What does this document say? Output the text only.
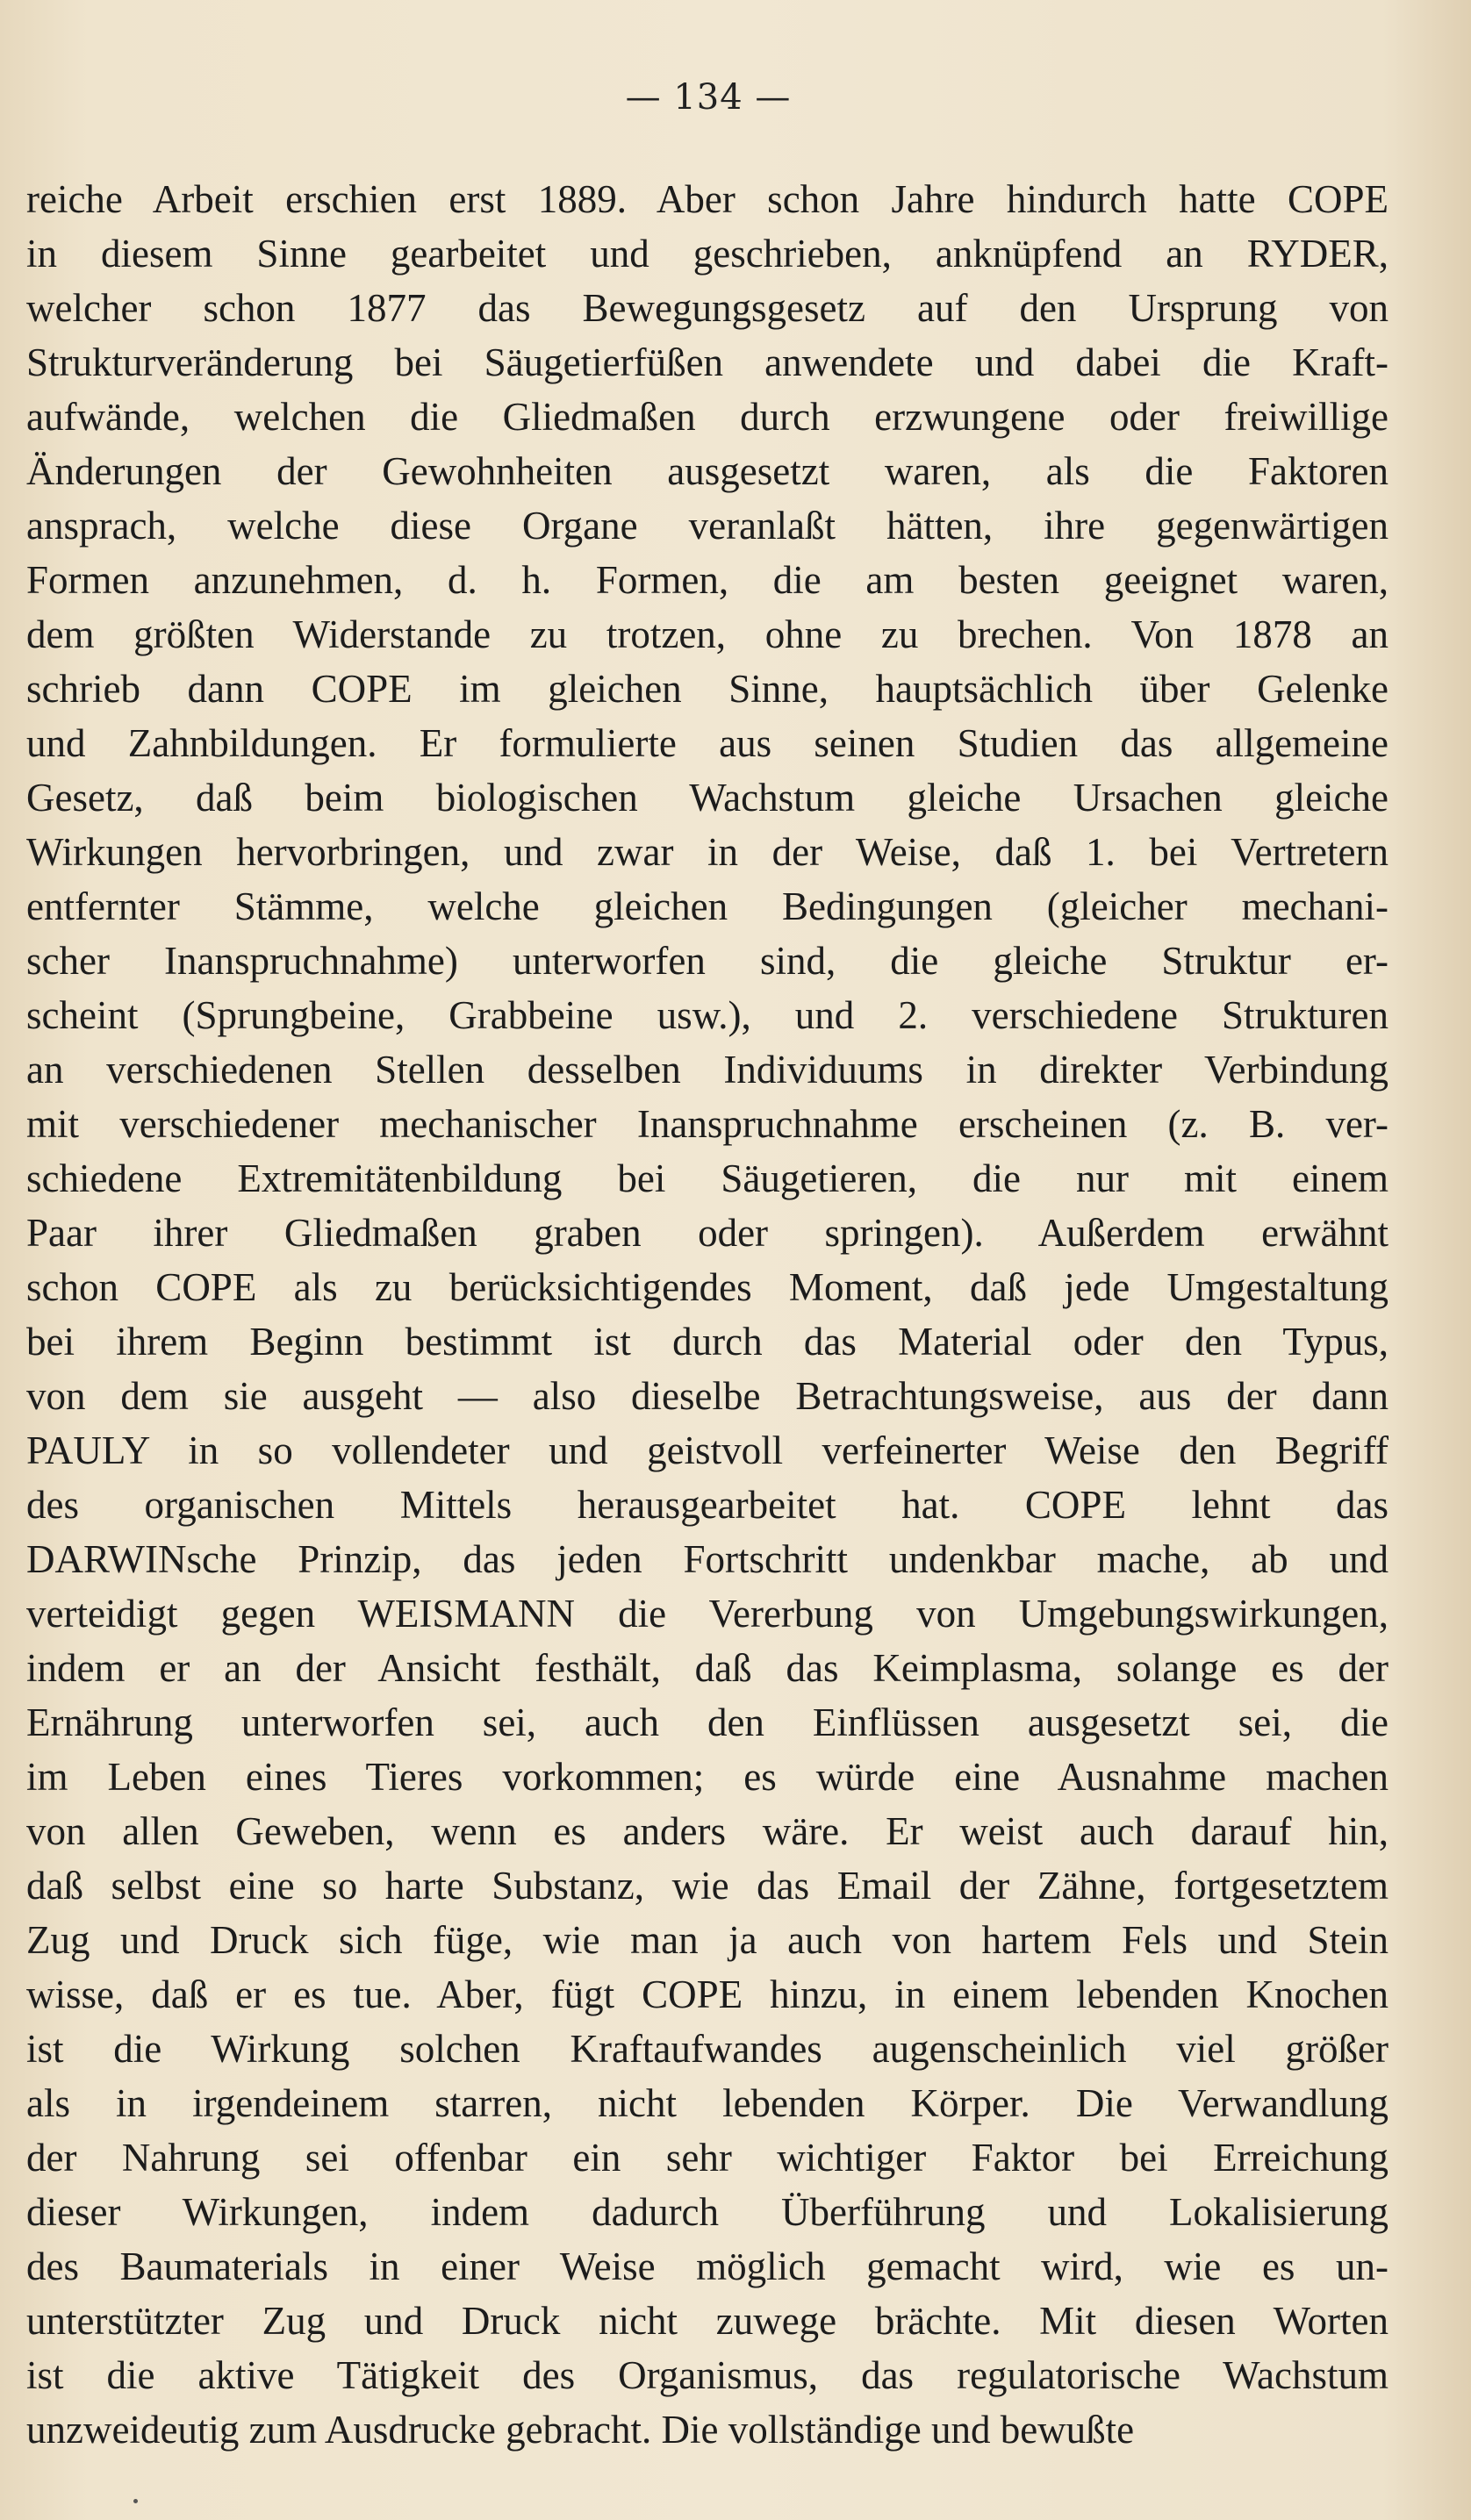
— 134 —
reiche Arbeit erschien erst 1889. Aber schon Jahre hindurch hatte COPE
in diesem Sinne gearbeitet und geschrieben, anknüpfend an RYDER,
welcher schon 1877 das Bewegungsgesetz auf den Ursprung von
Strukturveränderung bei Säugetierfüßen anwendete und dabei die Kraft-
aufwände, welchen die Gliedmaßen durch erzwungene oder freiwillige
Änderungen der Gewohnheiten ausgesetzt waren, als die Faktoren
ansprach, welche diese Organe veranlaßt hätten, ihre gegenwärtigen
Formen anzunehmen, d. h. Formen, die am besten geeignet waren,
dem größten Widerstande zu trotzen, ohne zu brechen. Von 1878 an
schrieb dann COPE im gleichen Sinne, hauptsächlich über Gelenke
und Zahnbildungen. Er formulierte aus seinen Studien das allgemeine
Gesetz, daß beim biologischen Wachstum gleiche Ursachen gleiche
Wirkungen hervorbringen, und zwar in der Weise, daß 1. bei Vertretern
entfernter Stämme, welche gleichen Bedingungen (gleicher mechani-
scher Inanspruchnahme) unterworfen sind, die gleiche Struktur er-
scheint (Sprungbeine, Grabbeine usw.), und 2. verschiedene Strukturen
an verschiedenen Stellen desselben Individuums in direkter Verbindung
mit verschiedener mechanischer Inanspruchnahme erscheinen (z. B. ver-
schiedene Extremitätenbildung bei Säugetieren, die nur mit einem
Paar ihrer Gliedmaßen graben oder springen). Außerdem erwähnt
schon COPE als zu berücksichtigendes Moment, daß jede Umgestaltung
bei ihrem Beginn bestimmt ist durch das Material oder den Typus,
von dem sie ausgeht — also dieselbe Betrachtungsweise, aus der dann
PAULY in so vollendeter und geistvoll verfeinerter Weise den Begriff
des organischen Mittels herausgearbeitet hat. COPE lehnt das
DARWINsche Prinzip, das jeden Fortschritt undenkbar mache, ab und
verteidigt gegen WEISMANN die Vererbung von Umgebungswirkungen,
indem er an der Ansicht festhält, daß das Keimplasma, solange es der
Ernährung unterworfen sei, auch den Einflüssen ausgesetzt sei, die
im Leben eines Tieres vorkommen; es würde eine Ausnahme machen
von allen Geweben, wenn es anders wäre. Er weist auch darauf hin,
daß selbst eine so harte Substanz, wie das Email der Zähne, fortgesetztem
Zug und Druck sich füge, wie man ja auch von hartem Fels und Stein
wisse, daß er es tue. Aber, fügt COPE hinzu, in einem lebenden Knochen
ist die Wirkung solchen Kraftaufwandes augenscheinlich viel größer
als in irgendeinem starren, nicht lebenden Körper. Die Verwandlung
der Nahrung sei offenbar ein sehr wichtiger Faktor bei Erreichung
dieser Wirkungen, indem dadurch Überführung und Lokalisierung
des Baumaterials in einer Weise möglich gemacht wird, wie es un-
unterstützter Zug und Druck nicht zuwege brächte. Mit diesen Worten
ist die aktive Tätigkeit des Organismus, das regulatorische Wachstum
unzweideutig zum Ausdrucke gebracht. Die vollständige und bewußte
